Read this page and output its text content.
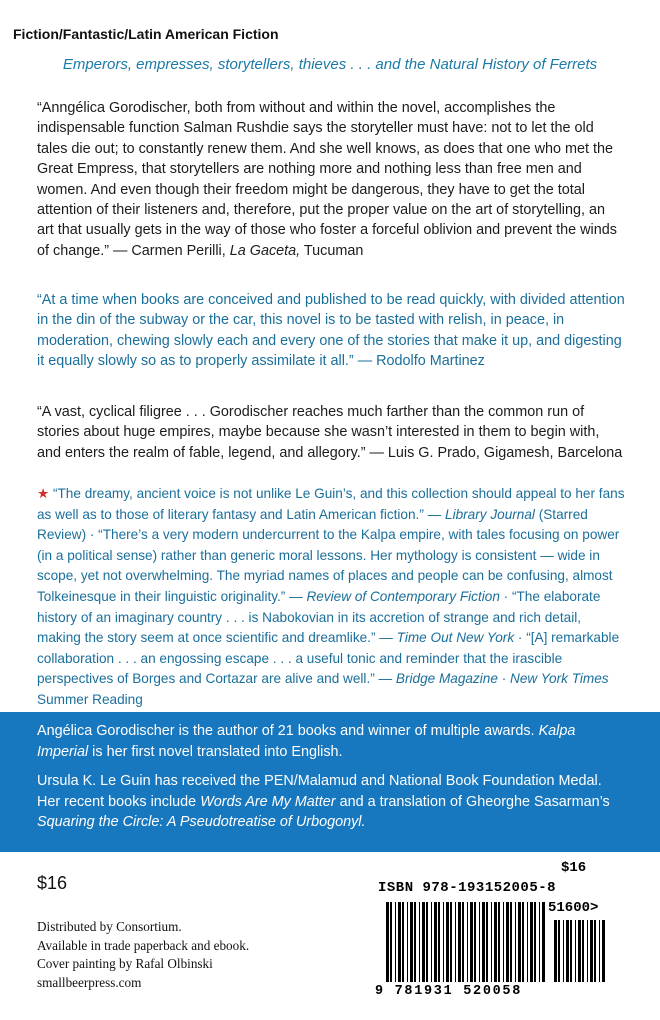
Fiction/Fantastic/Latin American Fiction
Emperors, empresses, storytellers, thieves . . . and the Natural History of Ferrets

“Anngélica Gorodischer, both from without and within the novel, accomplishes the indispensable function Salman Rushdie says the storyteller must have: not to let the old tales die out; to constantly renew them. And she well knows, as does that one who met the Great Empress, that storytellers are nothing more and nothing less than free men and women. And even though their freedom might be dangerous, they have to get the total attention of their listeners and, therefore, put the proper value on the art of storytelling, an art that usually gets in the way of those who foster a forceful oblivion and prevent the winds of change.” — Carmen Perilli, La Gaceta, Tucuman

“At a time when books are conceived and published to be read quickly, with divided attention in the din of the subway or the car, this novel is to be tasted with relish, in peace, in moderation, chewing slowly each and every one of the stories that make it up, and digesting it equally slowly so as to properly assimilate it all.” — Rodolfo Martinez

“A vast, cyclical filigree . . . Gorodischer reaches much farther than the common run of stories about huge empires, maybe because she wasn’t interested in them to begin with, and enters the realm of fable, legend, and allegory.” — Luis G. Prado, Gigamesh, Barcelona

★ “The dreamy, ancient voice is not unlike Le Guin’s, and this collection should appeal to her fans as well as to those of literary fantasy and Latin American fiction.” — Library Journal (Starred Review) · “There’s a very modern undercurrent to the Kalpa empire, with tales focusing on power (in a political sense) rather than generic moral lessons. Her mythology is consistent — wide in scope, yet not overwhelming. The myriad names of places and people can be confusing, almost Tolkeinesque in their linguistic originality.” — Review of Contemporary Fiction · “The elaborate history of an imaginary country . . . is Nabokovian in its accretion of strange and rich detail, making the story seem at once scientific and dreamlike.” — Time Out New York · “[A] remarkable collaboration . . . an engossing escape . . . a useful tonic and reminder that the irascible perspectives of Borges and Cortazar are alive and well.” — Bridge Magazine · New York Times Summer Reading

Angélica Gorodischer is the author of 21 books and winner of multiple awards. Kalpa Imperial is her first novel translated into English.

Ursula K. Le Guin has received the PEN/Malamud and National Book Foundation Medal. Her recent books include Words Are My Matter and a translation of Gheorghe Sasarman’s Squaring the Circle: A Pseudotreatise of Urbogonyl.

$16
Distributed by Consortium.
Available in trade paperback and ebook.
Cover painting by Rafal Olbinski
smallbeerpress.com
$16
ISBN 978-193152005-8
51600>
9 781931 520058
